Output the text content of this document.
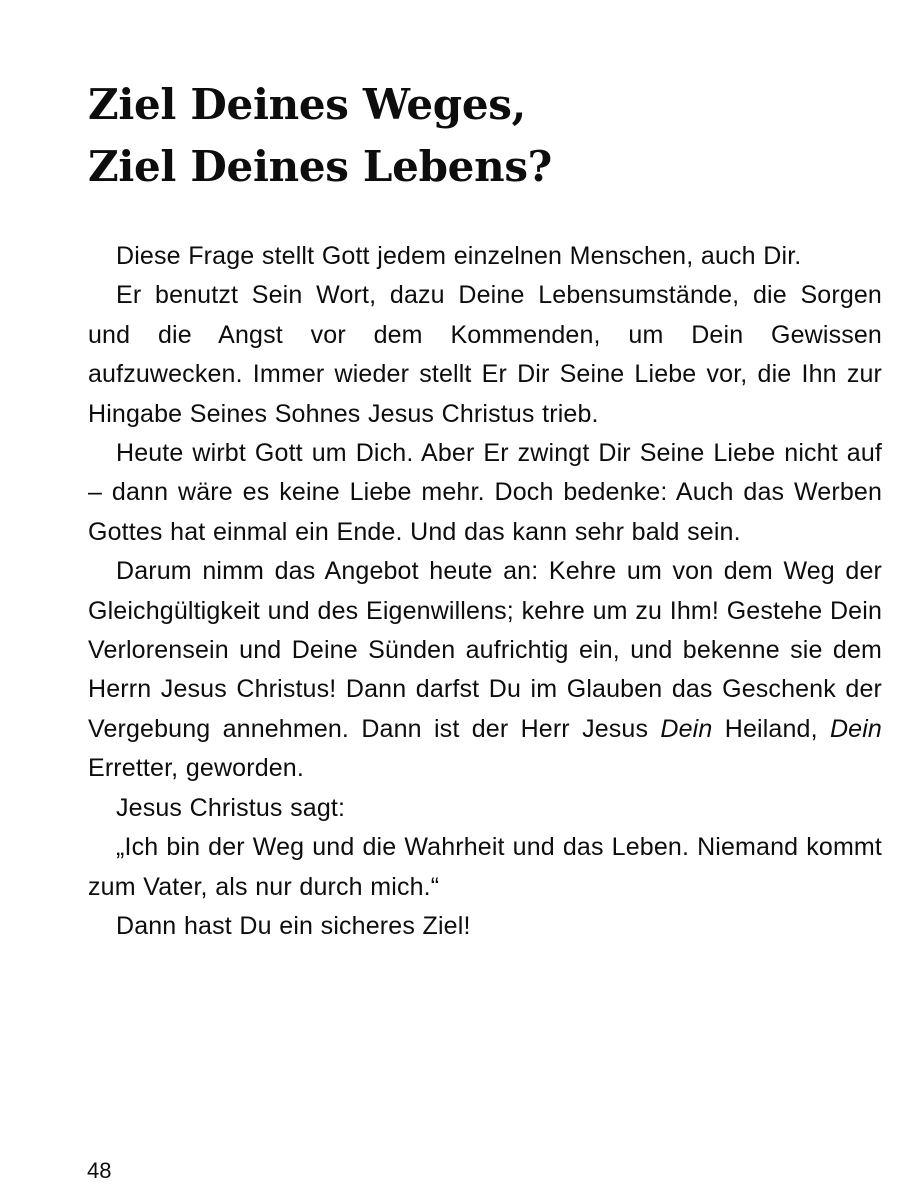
Ziel Deines Weges,
Ziel Deines Lebens?

Diese Frage stellt Gott jedem einzelnen Menschen, auch Dir.

Er benutzt Sein Wort, dazu Deine Lebensumstände, die Sorgen und die Angst vor dem Kommenden, um Dein Gewissen aufzuwecken. Immer wieder stellt Er Dir Seine Liebe vor, die Ihn zur Hingabe Seines Sohnes Jesus Christus trieb.

Heute wirbt Gott um Dich. Aber Er zwingt Dir Seine Liebe nicht auf – dann wäre es keine Liebe mehr. Doch bedenke: Auch das Werben Gottes hat einmal ein Ende. Und das kann sehr bald sein.

Darum nimm das Angebot heute an: Kehre um von dem Weg der Gleichgültigkeit und des Eigenwillens; kehre um zu Ihm! Gestehe Dein Verlorensein und Deine Sünden aufrichtig ein, und bekenne sie dem Herrn Jesus Christus! Dann darfst Du im Glauben das Geschenk der Vergebung annehmen. Dann ist der Herr Jesus Dein Heiland, Dein Erretter, geworden.

Jesus Christus sagt:

„Ich bin der Weg und die Wahrheit und das Leben. Niemand kommt zum Vater, als nur durch mich.“

Dann hast Du ein sicheres Ziel!

48
